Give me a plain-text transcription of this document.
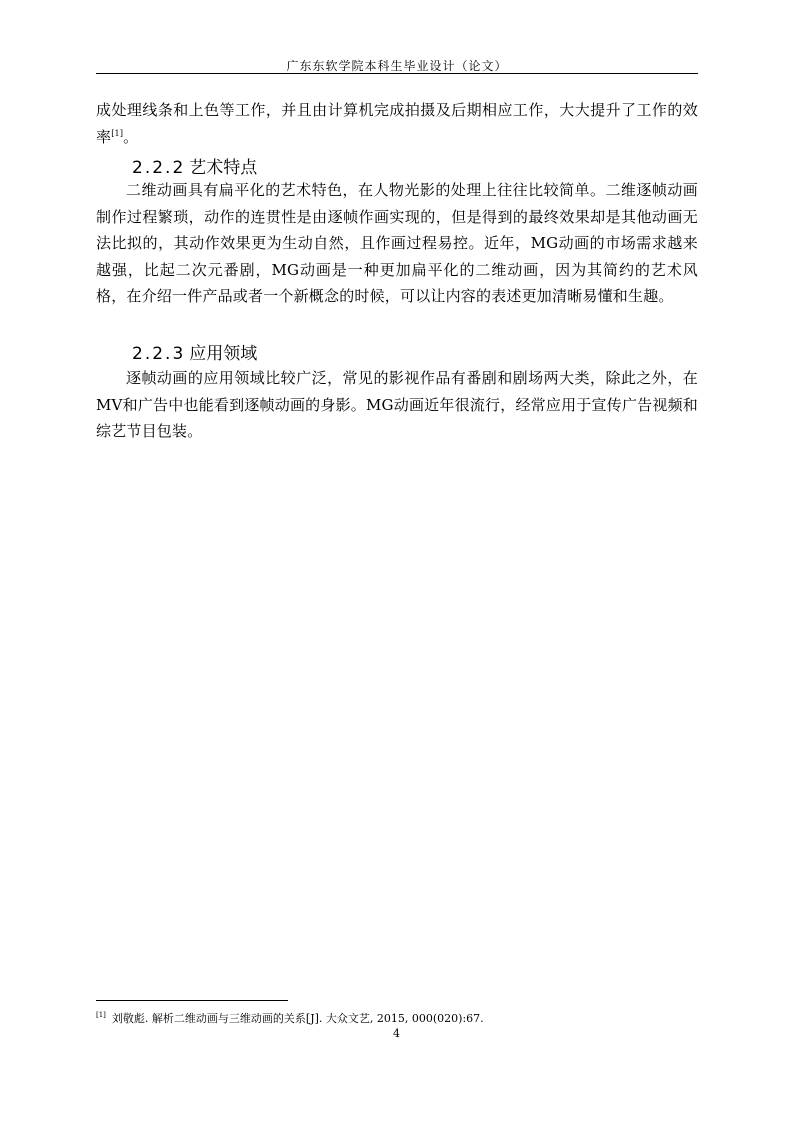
广东东软学院本科生毕业设计（论文）
成处理线条和上色等工作，并且由计算机完成拍摄及后期相应工作，大大提升了工作的效率[1]。
2.2.2 艺术特点
二维动画具有扁平化的艺术特色，在人物光影的处理上往往比较简单。二维逐帧动画制作过程繁琐，动作的连贯性是由逐帧作画实现的，但是得到的最终效果却是其他动画无法比拟的，其动作效果更为生动自然，且作画过程易控。近年，MG动画的市场需求越来越强，比起二次元番剧，MG动画是一种更加扁平化的二维动画，因为其简约的艺术风格，在介绍一件产品或者一个新概念的时候，可以让内容的表述更加清晰易懂和生趣。
2.2.3 应用领域
逐帧动画的应用领域比较广泛，常见的影视作品有番剧和剧场两大类，除此之外，在MV和广告中也能看到逐帧动画的身影。MG动画近年很流行，经常应用于宣传广告视频和综艺节目包装。
[1] 刘敬彪. 解析二维动画与三维动画的关系[J]. 大众文艺, 2015, 000(020):67.
4
